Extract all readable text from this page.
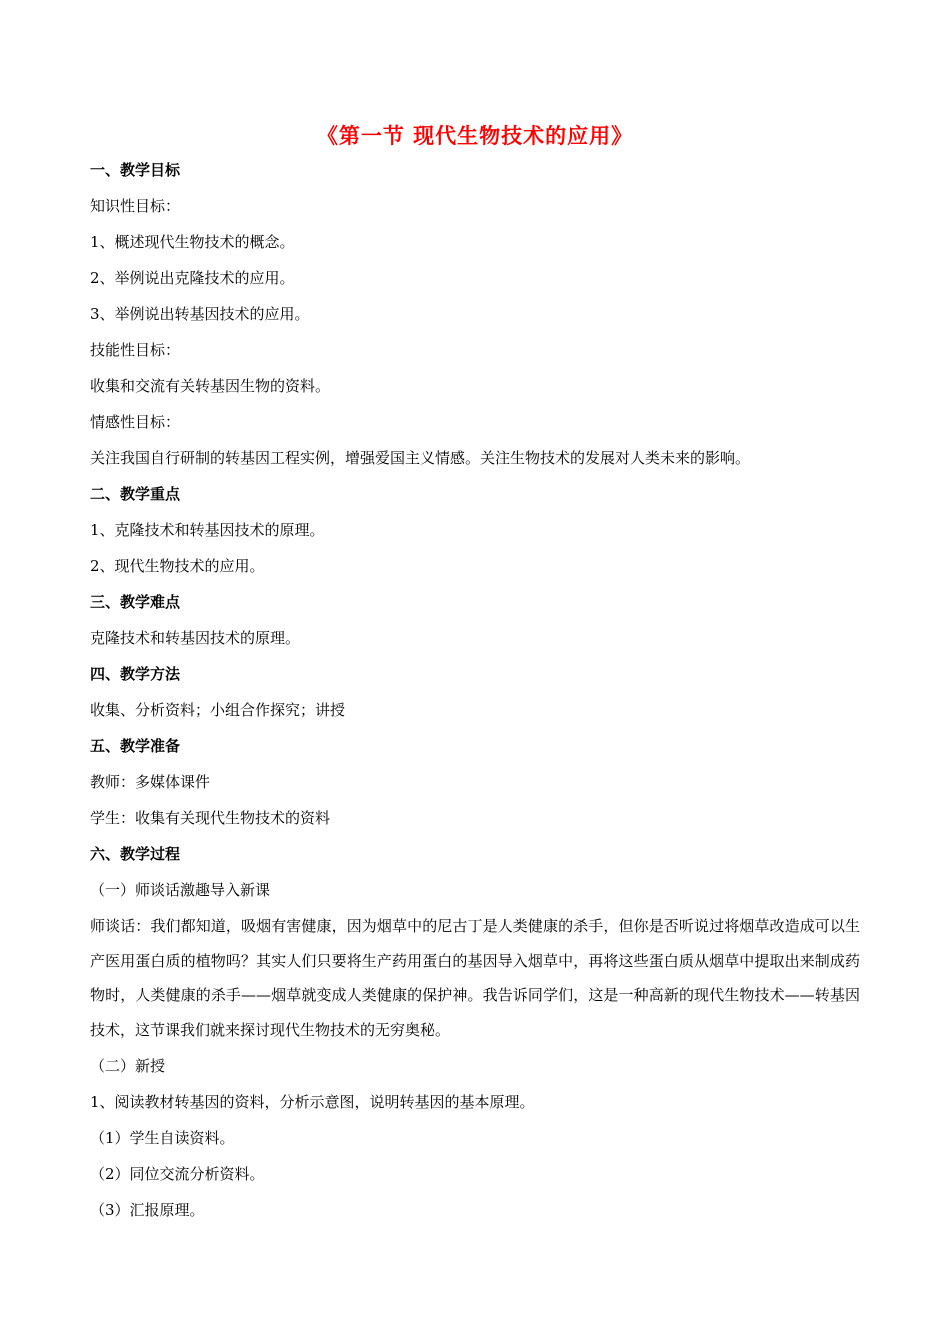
《第一节 现代生物技术的应用》
一、教学目标
知识性目标：
1、概述现代生物技术的概念。
2、举例说出克隆技术的应用。
3、举例说出转基因技术的应用。
技能性目标：
收集和交流有关转基因生物的资料。
情感性目标：
关注我国自行研制的转基因工程实例，增强爱国主义情感。关注生物技术的发展对人类未来的影响。
二、教学重点
1、克隆技术和转基因技术的原理。
2、现代生物技术的应用。
三、教学难点
克隆技术和转基因技术的原理。
四、教学方法
收集、分析资料；小组合作探究；讲授
五、教学准备
教师：多媒体课件
学生：收集有关现代生物技术的资料
六、教学过程
（一）师谈话激趣导入新课
师谈话：我们都知道，吸烟有害健康，因为烟草中的尼古丁是人类健康的杀手，但你是否听说过将烟草改造成可以生产医用蛋白质的植物吗？其实人们只要将生产药用蛋白的基因导入烟草中，再将这些蛋白质从烟草中提取出来制成药物时，人类健康的杀手——烟草就变成人类健康的保护神。我告诉同学们，这是一种高新的现代生物技术——转基因技术，这节课我们就来探讨现代生物技术的无穷奥秘。
（二）新授
1、阅读教材转基因的资料，分析示意图，说明转基因的基本原理。
（1）学生自读资料。
（2）同位交流分析资料。
（3）汇报原理。
